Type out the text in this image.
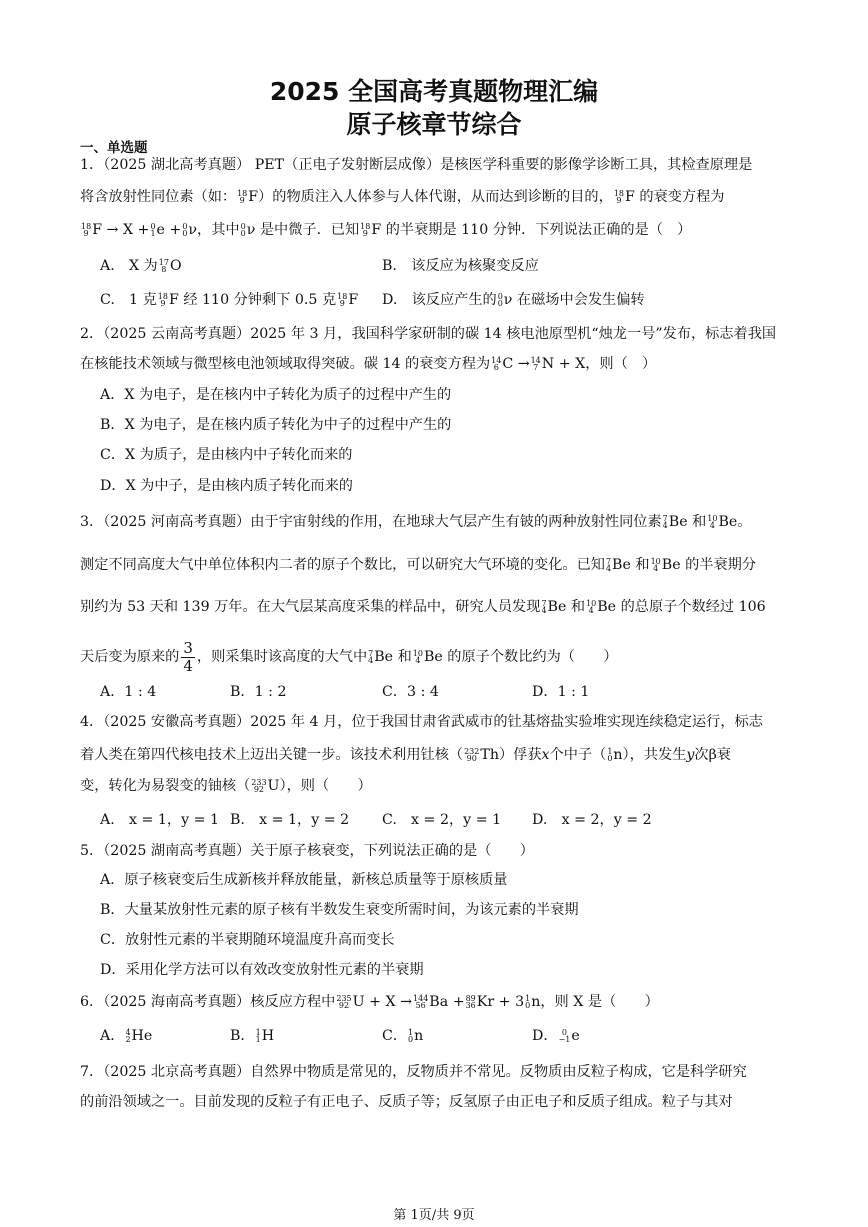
2025 全国高考真题物理汇编
原子核章节综合
一、单选题
1．（2025 湖北高考真题） PET（正电子发射断层成像）是核医学科重要的影像学诊断工具，其检查原理是
将含放射性同位素（如： 18
9 F）的物质注入人体参与人体代谢，从而达到诊断的目的， 18
9 F 的衰变方程为
18
9 F → X + 0
1 e + 0
0 ν，其中 0
0 ν 是中微子．已知 18
9 F 的半衰期是 110 分钟．下列说法正确的是（　）
A.　X 为 17
8 O	B.　该反应为核聚变反应
C.　1 克 18
9 F 经 110 分钟剩下 0.5 克 18
9 F D.　该反应产生的 0
0 ν 在磁场中会发生偏转
2．（2025 云南高考真题）2025 年 3 月，我国科学家研制的碳 14 核电池原型机“烛龙一号”发布，标志着我国
在核能技术领域与微型核电池领域取得突破。碳 14 的衰变方程为 14
6 C → 14
7 N + X，则（　）
A．X 为电子，是在核内中子转化为质子的过程中产生的
B．X 为电子，是在核内质子转化为中子的过程中产生的
C．X 为质子，是由核内中子转化而来的
D．X 为中子，是由核内质子转化而来的
3．（2025 河南高考真题）由于宇宙射线的作用，在地球大气层产生有铍的两种放射性同位素 7
4 Be 和 10
4 Be。
测定不同高度大气中单位体积内二者的原子个数比，可以研究大气环境的变化。已知 7
4 Be 和 10
4 Be 的半衰期分
别约为 53 天和 139 万年。在大气层某高度采集的样品中，研究人员发现 7
4 Be 和 10
4 Be 的总原子个数经过 106
天后变为原来的 $\frac{3}{4}$ ，则采集时该高度的大气中 7
4 Be 和 10
4 Be 的原子个数比约为（　　）
A．1 : 4	B．1 : 2	C．3 : 4	D．1 : 1
4．（2025 安徽高考真题）2025 年 4 月，位于我国甘肃省武威市的钍基熔盐实验堆实现连续稳定运行，标志
着人类在第四代核电技术上迈出关键一步。该技术利用钍核（ 232
90 Th）俘获x个中子（ 1
0 n），共发生y次β衰
变，转化为易裂变的铀核（ 233
92 U），则（　　）
A.　x = 1，y = 1 B.　x = 1，y = 2 C.　x = 2，y = 1 D.　x = 2，y = 2
5．（2025 湖南高考真题）关于原子核衰变，下列说法正确的是（　　）
A．原子核衰变后生成新核并释放能量，新核总质量等于原核质量
B．大量某放射性元素的原子核有半数发生衰变所需时间，为该元素的半衰期
C．放射性元素的半衰期随环境温度升高而变长
D．采用化学方法可以有效改变放射性元素的半衰期
6．（2025 海南高考真题）核反应方程中 235
92 U + X → 144
56 Ba + 89
36 Kr + 3 1
0 n，则 X 是（　　）
A． 4
2 He	B． 1
1 H	C． 1
0 n	D． 0
−1 e
7．（2025 北京高考真题）自然界中物质是常见的，反物质并不常见。反物质由反粒子构成，它是科学研究
的前沿领域之一。目前发现的反粒子有正电子、反质子等；反氢原子由正电子和反质子组成。粒子与其对
第 1页/共 9页
